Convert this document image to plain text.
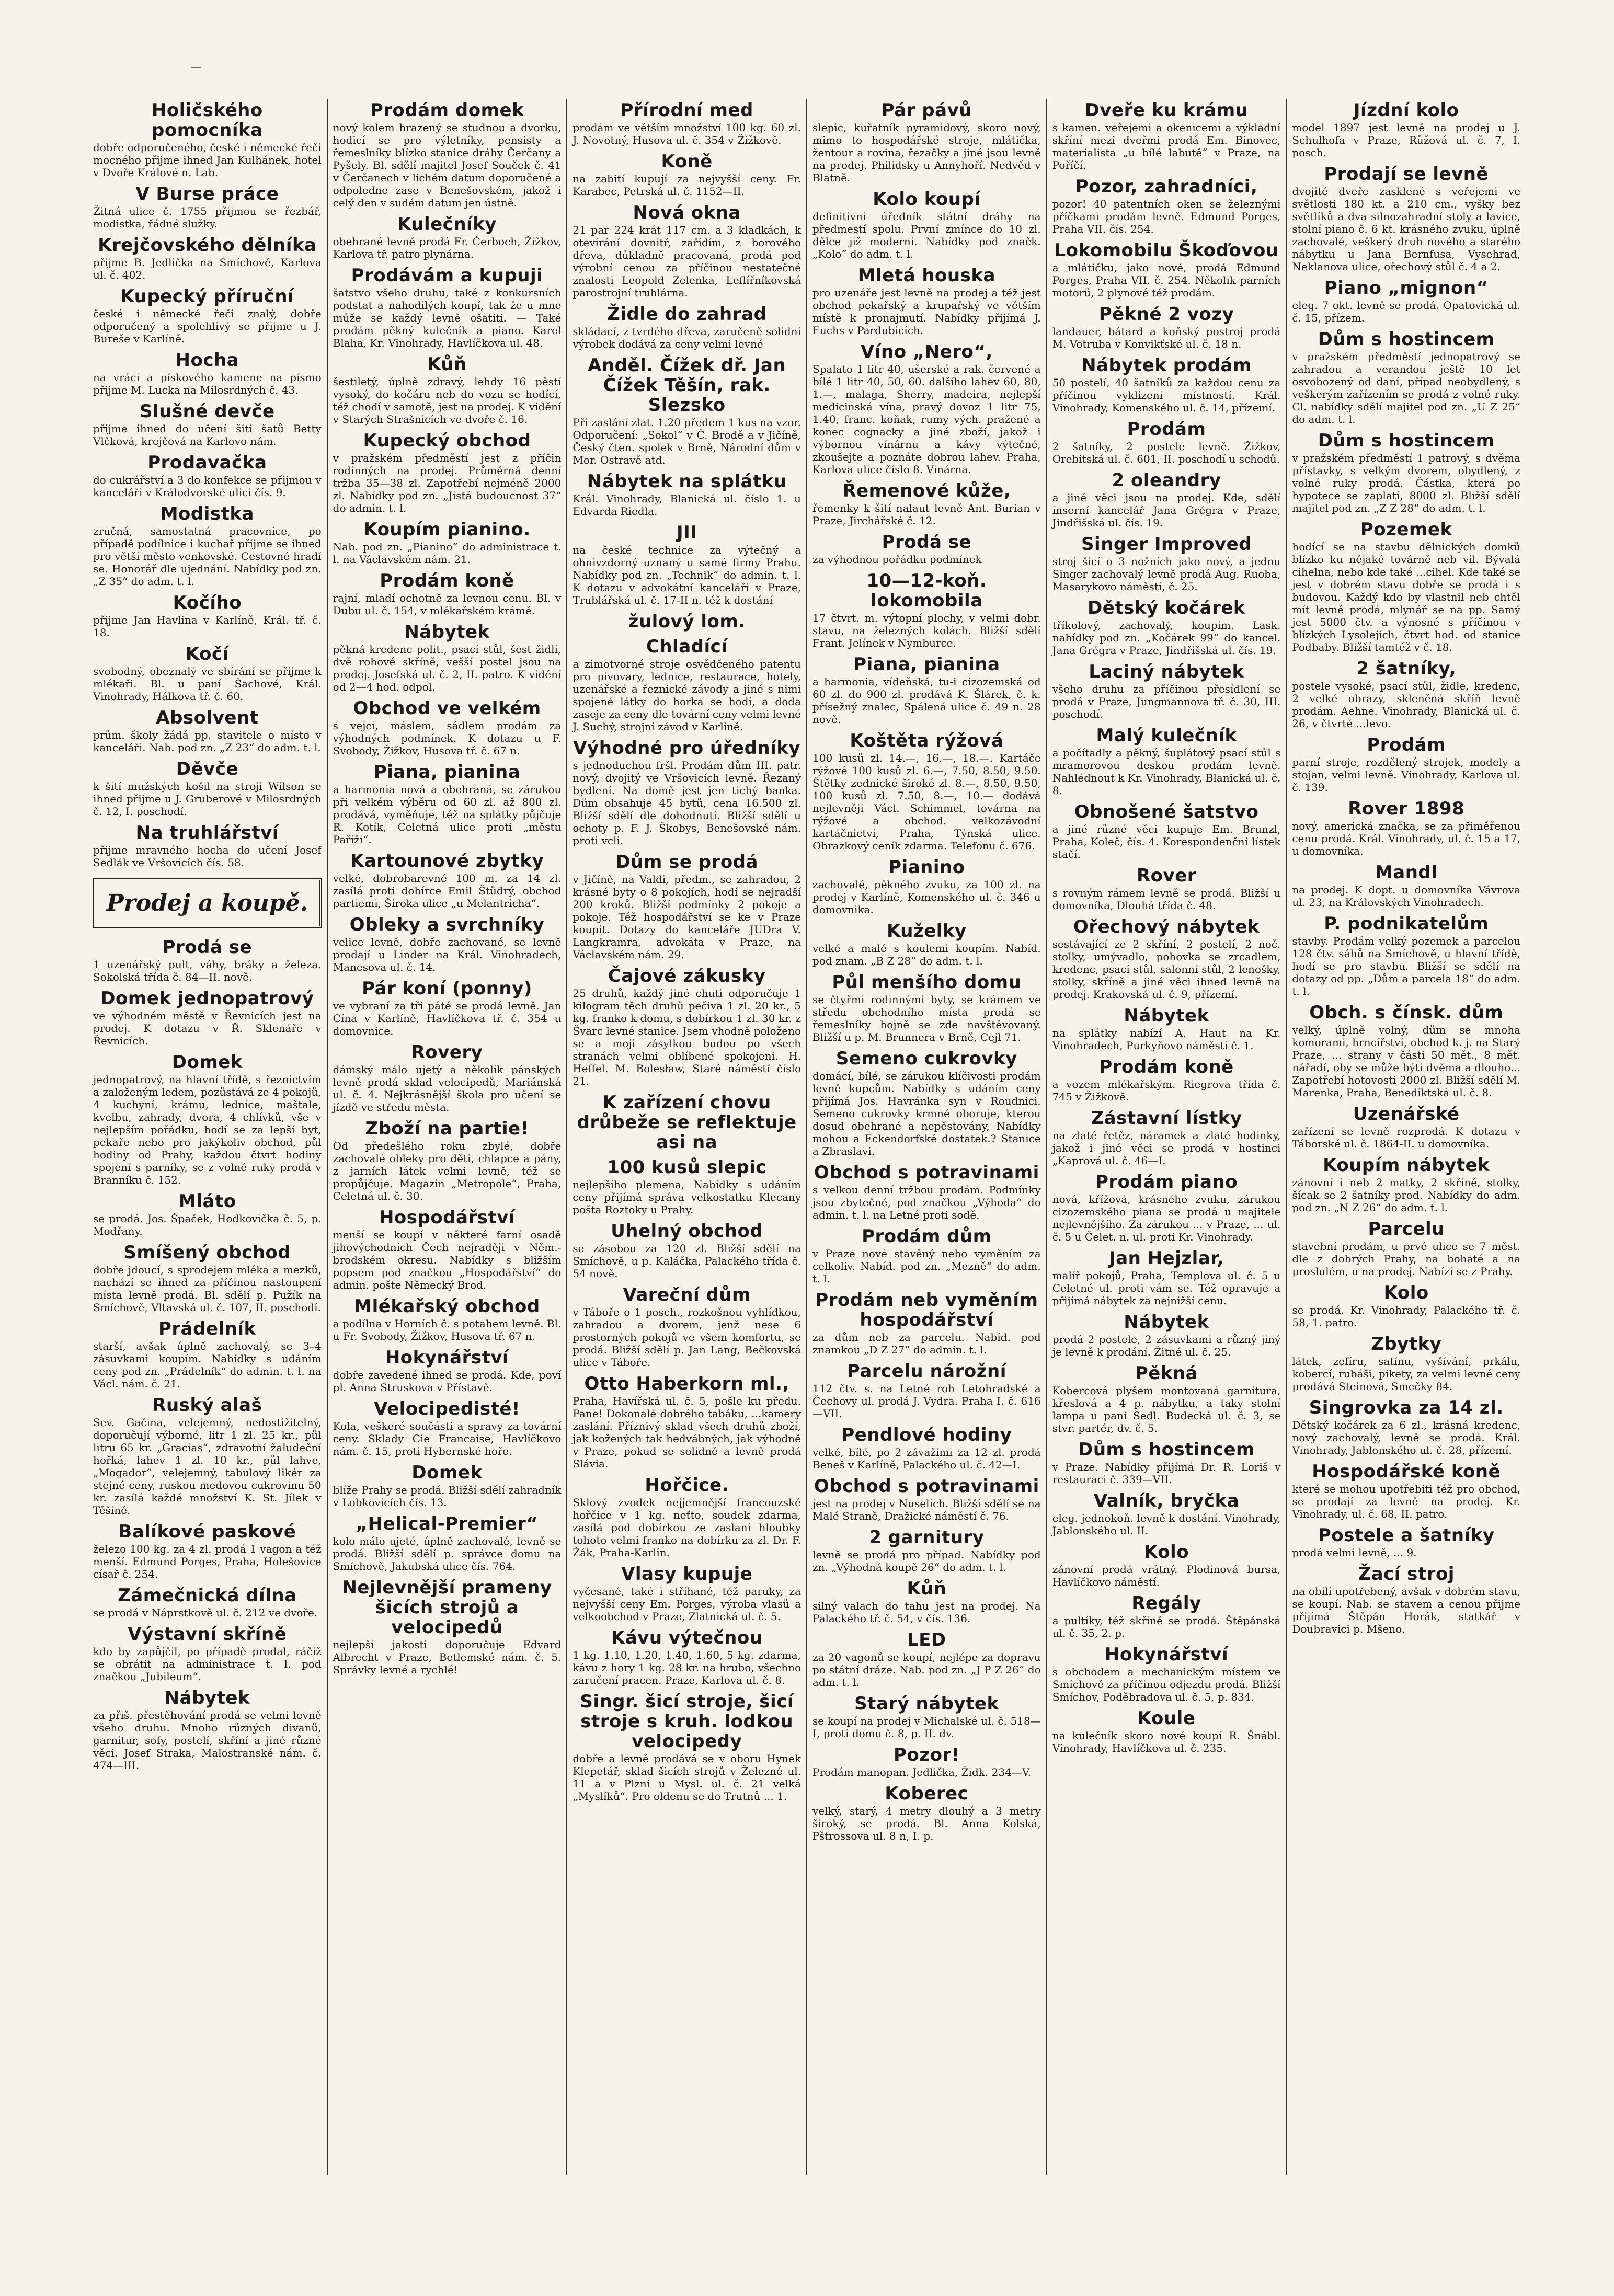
Holičského pomocníka

dobře odporučeného, české i německé řeči mocného přijme ihned Jan Kulhánek, hotel v Dvoře Králové n. Lab.

V Burse práce

Žitná ulice č. 1755 přijmou se řezbář, modistka, řádné služky.

Krejčovského dělníka

přijme B. Jedlička na Smíchově, Karlova ul. č. 402.

Kupecký příruční

české i německé řeči znalý, dobře odporučený a spolehlivý se přijme u J. Bureše v Karlíně.

Hocha

na vráci a pískového kamene na písmo přijme M. Lucka na Milosrdných č. 43.

Slušné devče

přijme ihned do učení šití šatů Betty Vlčková, krejčová na Karlovo nám.

Prodavačka

do cukrářství a 3 do konfekce se přijmou v kanceláři v Králodvorské ulici čís. 9.

Modistka

zručná, samostatná pracovnice, po případě podílnice i kuchař přijme se ihned pro větší město venkovské. Cestovné hradí se. Honorář dle ujednání. Nabídky pod zn. „Z 35“ do adm. t. l.

Kočího

přijme Jan Havlina v Karlíně, Král. tř. č. 18.

Kočí

svobodný, obeznalý ve sbírání se přijme k mlékaři. Bl. u paní Šachové, Král. Vinohrady, Hálkova tř. č. 60.

Absolvent

prům. školy žádá pp. stavitele o místo v kanceláři. Nab. pod zn. „Z 23“ do adm. t. l.

Děvče

k šití mužských košil na stroji Wilson se ihned přijme u J. Gruberové v Milosrdných č. 12, I. poschodí.

Na truhlářství

přijme mravného hocha do učení Josef Sedlák ve Vršovicích čís. 58.

Prodej a koupě.
Prodá se

1 uzenářský pult, váhy, bráky a železa. Sokolská třída č. 84—II. nově.

Domek jednopatrový

ve výhodném městě v Řevnicích jest na prodej. K dotazu v Ř. Sklenáře v Řevnicích.

Domek

jednopatrový, na hlavní třídě, s řeznictvím a založeným ledem, pozůstává ze 4 pokojů, 4 kuchyní, krámu, lednice, maštale, kvelbu, zahrady, dvora, 4 chlívků, vše v nejlepším pořádku, hodí se za lepší byt, pekaře nebo pro jakýkoliv obchod, půl hodiny od Prahy, každou čtvrt hodiny spojení s parníky, se z volné ruky prodá v Branníku č. 152.

Mláto

se prodá. Jos. Špaček, Hodkovička č. 5, p. Modřany.

Smíšený obchod

dobře jdoucí, s sprodejem mléka a mezků, nachází se ihned za příčinou nastoupení místa levně prodá. Bl. sdělí p. Pužík na Smíchově, Vltavská ul. č. 107, II. poschodí.

Prádelník

starší, avšak úplně zachovalý, se 3–4 zásuvkami koupím. Nabídky s udáním ceny pod zn. „Prádelník“ do admin. t. l. na Václ. nám. č. 21.

Ruský alaš

Sev. Gačina, velejemný, nedostižitelný, doporučují výborné, litr 1 zl. 25 kr., půl litru 65 kr. „Gracias“, zdravotní žaludeční hořká, lahev 1 zl. 10 kr., půl lahve, „Mogador“, velejemný, tabulový likér za stejné ceny, ruskou medovou cukrovinu 50 kr. zasílá každé množství K. St. Jílek v Těšíně.

Balíkové paskové

železo 100 kg. za 4 zl. prodá 1 vagon a též menší. Edmund Porges, Praha, Holešovice císař č. 254.

Zámečnická dílna

se prodá v Náprstkově ul. č. 212 ve dvoře.

Výstavní skříně

kdo by zapůjčil, po případě prodal, ráčiž se obrátit na administrace t. l. pod značkou „Jubileum“.

Nábytek

za přiš. přestěhování prodá se velmi levně všeho druhu. Mnoho různých divanů, garnitur, sofy, postelí, skříní a jiné různé věci. Josef Straka, Malostranské nám. č. 474—III.

Prodám domek

nový kolem hrazený se studnou a dvorku, hodicí se pro výletníky, pensisty a řemeslníky blízko stanice dráhy Čerčany a Pyšely. Bl. sdělí majitel Josef Souček č. 41 v Čerčanech v lichém datum doporučené a odpoledne zase v Benešovském, jakož i celý den v sudém datum jen ústně.

Kulečníky

obehrané levně prodá Fr. Čerboch, Žižkov, Karlova tř. patro plynárna.

Prodávám a kupuji

šatstvo všeho druhu, také z konkursních podstat a nahodilých koupí, tak že u mne může se každý levně ošatiti. — Také prodám pěkný kulečník a piano. Karel Blaha, Kr. Vinohrady, Havlíčkova ul. 48.

Kůň

šestiletý, úplně zdravý, lehdy 16 pěstí vysoký, do kočáru neb do vozu se hodící, též chodí v samotě, jest na prodej. K vidění v Starých Strašnicích ve dvoře č. 16.

Kupecký obchod

v pražském předměstí jest z příčin rodinných na prodej. Průměrná denní tržba 35—38 zl. Zapotřebí nejméně 2000 zl. Nabídky pod zn. „Jistá budoucnost 37“ do admin. t. l.

Koupím pianino.

Nab. pod zn. „Pianino“ do administrace t. l. na Václavském nám. 21.

Prodám koně

rajní, mladí ochotně za levnou cenu. Bl. v Dubu ul. č. 154, v mlékařském krámě.

Nábytek

pěkná kredenc polit., psací stůl, šest židlí, dvě rohové skříně, vešší postel jsou na prodej. Josefská ul. č. 2, II. patro. K vidění od 2—4 hod. odpol.

Obchod ve velkém

s vejci, máslem, sádlem prodám za výhodných podmínek. K dotazu u F. Svobody, Žižkov, Husova tř. č. 67 n.

Piana, pianina

a harmonia nová a obehraná, se zárukou při velkém výběru od 60 zl. až 800 zl. prodává, vyměňuje, též na splátky půjčuje R. Kotík, Celetná ulice proti „městu Paříži“.

Kartounové zbytky

velké, dobrobarevné 100 m. za 14 zl. zasílá proti dobírce Emil Štůdrý, obchod partiemi, Široka ulice „u Melantricha“.

Obleky a svrchníky

velice levně, dobře zachované, se levně prodají u Linder na Král. Vinohradech, Manesova ul. č. 14.

Pár koní (ponny)

ve vybraní za tři páté se prodá levně. Jan Cína v Karlíně, Havlíčkova tř. č. 354 u domovnice.

Rovery

dámský málo ujetý a několik pánských levně prodá sklad velocipedů, Mariánská ul. č. 4. Nejkrásnější škola pro učení se jízdě ve středu města.

Zboží na partie!

Od předešlého roku zbylé, dobře zachovalé obleky pro děti, chlapce a pány, z jarních látek velmi levně, též se propůjčuje. Magazin „Metropole“, Praha, Celetná ul. č. 30.

Hospodářství

menší se koupí v některé farní osadě jihovýchodních Čech nejraději v Něm.-brodském okresu. Nabídky s bližším popsem pod značkou „Hospodářství“ do admin. pošte Německý Brod.

Mlékařský obchod

a podílna v Horních č. s potahem levně. Bl. u Fr. Svobody, Žižkov, Husova tř. 67 n.

Hokynářství

dobře zavedené ihned se prodá. Kde, poví pl. Anna Struskova v Přístavě.

Velocipedisté!

Kola, veškeré součásti a spravy za tovární ceny. Sklady Cie Francaise, Havlíčkovo nám. č. 15, proti Hybernské hoře.

Domek

blíže Prahy se prodá. Bližší sdělí zahradník v Lobkovicích čís. 13.

„Helical-Premier“

kolo málo ujeté, úplně zachovalé, levně se prodá. Bližší sdělí p. správce domu na Smíchově, Jakubská ulice čís. 764.

Nejlevnější prameny šicích strojů a velocipedů

nejlepší jakosti doporučuje Edvard Albrecht v Praze, Betlemské nám. č. 5. Správky levné a rychlé!

Přírodní med

prodám ve větším množství 100 kg. 60 zl. J. Novotný, Husova ul. č. 354 v Žižkově.

Koně

na zabití kupují za nejvyšší ceny. Fr. Karabec, Petrská ul. č. 1152—II.

Nová okna

21 par 224 krát 117 cm. a 3 kladkách, k otevírání dovnitř, zařídím, z borového dřeva, důkladně pracovaná, prodá pod výrobní cenou za příčinou nestatečné znalosti Leopold Zelenka, Leflířníkovská parostrojní truhlárna.

Židle do zahrad

skládací, z tvrdého dřeva, zaručeně solidní výrobek dodává za ceny velmi levné

Anděl. Čížek dř. Jan Čížek Těšín, rak. Slezsko

Při zaslání zlat. 1.20 předem 1 kus na vzor. Odporučení: „Sokol“ v Č. Brodě a v Jičíně, Český čten. spolek v Brně, Národní dům v Mor. Ostravě atd.

Nábytek na splátku

Král. Vinohrady, Blanická ul. číslo 1. u Edvarda Riedla.

JII

na české technice za výtečný a ohnivzdorný uznaný u samé firmy Prahu. Nabídky pod zn. „Technik“ do admin. t. l. K dotazu v advokátní kanceláři v Praze, Trublářská ul. č. 17-II n. též k dostání

žulový lom.

Chladící

a zimotvorné stroje osvědčeného patentu pro pivovary, lednice, restaurace, hotely, uzenářské a řeznické závody a jiné s nimi spojené látky do horka se hodí, a doda zaseje za ceny dle tovární ceny velmi levné J. Suchý, strojní závod v Karlíně.

Výhodné pro úředníky

s jednoduchou fršl. Prodám dům III. patr. nový, dvojitý ve Vršovicích levně. Řezaný bydlení. Na domě jest jen tichý banka. Dům obsahuje 45 bytů, cena 16.500 zl. Bližší sdělí dle dohodnutí. Bližší sdělí u ochoty p. F. J. Škobys, Benešovské nám. proti vcli.

Dům se prodá

v Jičíně, na Valdi, předm., se zahradou, 2 krásné byty o 8 pokojích, hodí se nejradší 200 kroků. Bližší podmínky 2 pokoje a pokoje. Též hospodářství se ke v Praze koupit. Dotazy do kanceláře JUDra V. Langkramra, advokáta v Praze, na Václavském nám. 29.

Čajové zákusky

25 druhů, každý jiné chuti odporučuje 1 kilogram těch druhů pečiva 1 zl. 20 kr., 5 kg. franko k domu, s dobírkou 1 zl. 30 kr. z Švarc levné stanice. Jsem vhodně položeno se a moji zásylkou budou po všech stranách velmi oblíbené spokojeni. H. Heffel. M. Bolesław, Staré náměstí číslo 21.

K zařízení chovu drůbeže se reflektuje asi na

100 kusů slepic

nejlepšího plemena, Nabídky s udáním ceny přijímá správa velkostatku Klecany pošta Roztoky u Prahy.

Uhelný obchod

se zásobou za 120 zl. Bližší sdělí na Smíchově, u p. Kaláčka, Palackého třída č. 54 nově.

Vareční dům

v Táboře o 1 posch., rozkošnou vyhlídkou, zahradou a dvorem, jenž nese 6 prostorných pokojů ve všem komfortu, se prodá. Bližší sdělí p. Jan Lang, Bečkovská ulice v Táboře.

Otto Haberkorn ml.,

Praha, Havířská ul. č. 5, pošle ku předu. Pane! Dokonalé dobrého tabáku, ...kamery zaslání. Příznivý sklad všech druhů zboží, jak kožených tak hedvábných, jak výhodně v Praze, pokud se solidně a levně prodá Slávia.

Hořčice.

Sklový zvodek nejjemnější francouzské hořčice v 1 kg. neťto, soudek zdarma, zasílá pod dobírkou ze zaslaní hloubky tohoto velmi franko na dobírku za zl. Dr. F. Žák, Praha-Karlín.

Vlasy kupuje

vyčesané, také i stříhané, též paruky, za nejvyšší ceny Em. Porges, výroba vlasů a velkoobchod v Praze, Zlatnická ul. č. 5.

Kávu výtečnou

1 kg. 1.10, 1.20, 1.40, 1.60, 5 kg. zdarma, kávu z hory 1 kg. 28 kr. na hrubo, všechno zaručení pracen. Praze, Karlova ul. č. 8.

Singr. šicí stroje, šicí stroje s kruh. lodkou velocipedy

dobře a levně prodává se v oboru Hynek Klepetář, sklad šicích strojů v Železné ul. 11 a v Plzni u Mysl. ul. č. 21 velká „Myslíků“. Pro oldenu se do Trutnů ... 1.

Pár pávů

slepic, kuřatník pyramidový, skoro nový, mimo to hospodářské stroje, mlátička, žentour a rovina, řezačky a jiné jsou levně na prodej. Philidsky u Annyhoří. Nedvěd v Blatně.

Kolo koupí

definitivní úředník státní dráhy na předmestí spolu. První zmínce do 10 zl. dělce již moderní. Nabídky pod značk. „Kolo“ do adm. t. l.

Mletá houska

pro uzenáře jest levně na prodej a též jest obchod pekařský a krupařský ve větším místě k pronajmutí. Nabídky přijímá J. Fuchs v Pardubicích.

Víno „Nero“,

Spalato 1 litr 40, ušerské a rak. červené a bílé 1 litr 40, 50, 60. dalšího lahev 60, 80, 1.—, malaga, Sherry, madeira, nejlepší medicinská vína, pravý dovoz 1 litr 75, 1.40, franc. koňak, rumy vých. pražené a konec cognacky a jiné zboží, jakož i výbornou vínárnu a kávy výtečné, zkoušejte a poznáte dobrou lahev. Praha, Karlova ulice číslo 8. Vinárna.

Řemenové kůže,

řemenky k šití nalaut levně Ant. Burian v Praze, Jirchářské č. 12.

Prodá se

za výhodnou pořádku podmínek

10—12-koň. lokomobila

17 čtvrt. m. výtopní plochy, v velmi dobr. stavu, na železných kolách. Bližší sdělí Frant. Jelínek v Nymburce.

Piana, pianina

a harmonia, vídeňská, tu-i cizozemská od 60 zl. do 900 zl. prodává K. Šlárek, č. k. přísežný znalec, Spálená ulice č. 49 n. 28 nově.

Koštěta rýžová

100 kusů zl. 14.—, 16.—, 18.—. Kartáče rýžové 100 kusů zl. 6.—, 7.50, 8.50, 9.50. Štětky zednické široké zl. 8.—, 8.50, 9.50, 100 kusů zl. 7.50, 8.—, 10.— dodává nejlevněji Václ. Schimmel, továrna na rýžové a obchod. velkozávodní kartáčnictví, Praha, Týnská ulice. Obrazkový ceník zdarma. Telefonu č. 676.

Pianino

zachovalé, pěkného zvuku, za 100 zl. na prodej v Karlíně, Komenského ul. č. 346 u domovnika.

Kuželky

velké a malé s koulemi koupím. Nabíd. pod znam. „B Z 28“ do adm. t. l.

Půl menšího domu

se čtyřmi rodinnými byty, se krámem ve středu obchodního místa prodá se řemeslníky hojně se zde navštěvovaný. Bližší u p. M. Brunnera v Brně, Cejl 71.

Semeno cukrovky

domácí, bílé, se zárukou klíčivosti prodám levně kupcům. Nabídky s udáním ceny přijímá Jos. Havránka syn v Roudnici. Semeno cukrovky krmné oboruje, kterou dosud obehrané a nepěstovány, Nabídky mohou a Eckendorfské dostatek.? Stanice a Zbraslavi.

Obchod s potravinami

s velkou denní tržbou prodám. Podmínky jsou zbytečné, pod značkou „Výhoda“ do admin. t. l. na Letné proti sodě.

Prodám dům

v Praze nové stavěný nebo vyměním za celkoliv. Nabíd. pod zn. „Mezně“ do adm. t. l.

Prodám neb vyměním hospodářství

za dům neb za parcelu. Nabíd. pod znamkou „D Z 27“ do admin. t. l.

Parcelu nárožní

112 čtv. s. na Letné roh Letohradské a Čechovy ul. prodá J. Vydra. Praha I. č. 616—VII.

Pendlové hodiny

velké, bílé, po 2 závažími za 12 zl. prodá Beneš v Karlíně, Palackého ul. č. 42—I.

Obchod s potravinami

jest na prodej v Nuselích. Bližší sdělí se na Malé Straně, Dražické náměstí č. 76.

2 garnitury

levně se prodá pro případ. Nabídky pod zn. „Výhodná koupě 26“ do adm. t. l.

Kůň

silný valach do tahu jest na prodej. Na Palackého tř. č. 54, v čís. 136.

LED

za 20 vagonů se koupí, nejlépe za dopravu po státní dráze. Nab. pod zn. „J P Z 26“ do adm. t. l.

Starý nábytek

se koupí na prodej v Michalské ul. č. 518—I, proti domu č. 8, p. II. dv.

Pozor!

Prodám manopan. Jedlička, Židk. 234—V.

Koberec

velký, starý, 4 metry dlouhý a 3 metry široký, se prodá. Bl. Anna Kolská, Pštrossova ul. 8 n, I. p.

Dveře ku krámu

s kamen. veřejemi a okenicemi a výkladní skříní mezi dveřmi prodá Em. Binovec, materialista „u bílé labutě“ v Praze, na Poříčí.

Pozor, zahradníci,

pozor! 40 patentních oken se železnými příčkami prodám levně. Edmund Porges, Praha VII. čís. 254.

Lokomobilu Škoďovou

a mlátičku, jako nové, prodá Edmund Porges, Praha VII. č. 254. Několik parních motorů, 2 plynové též prodám.

Pěkné 2 vozy

landauer, bátard a koňský postroj prodá M. Votruba v Konvikťské ul. č. 18 n.

Nábytek prodám

50 postelí, 40 šatníků za každou cenu za příčinou vyklizení místností. Král. Vinohrady, Komenského ul. č. 14, přízemí.

Prodám

2 šatníky, 2 postele levně. Žižkov, Orebitská ul. č. 601, II. poschodí u schodů.

2 oleandry

a jiné věci jsou na prodej. Kde, sdělí inserní kancelář Jana Grégra v Praze, Jindřišská ul. čís. 19.

Singer Improved

stroj šicí o 3 nožních jako nový, a jednu Singer zachovalý levně prodá Aug. Ruoba, Masarykovo náměstí, č. 25.

Dětský kočárek

tříkolový, zachovalý, koupím. Lask. nabídky pod zn. „Kočárek 99“ do kancel. Jana Grégra v Praze, Jindřišská ul. čís. 19.

Laciný nábytek

všeho druhu za příčinou přesídlení se prodá v Praze, Jungmannova tř. č. 30, III. poschodí.

Malý kulečník

a počítadly a pěkný, šuplátový psací stůl s mramorovou deskou prodám levně. Nahlédnout k Kr. Vinohrady, Blanická ul. č. 8.

Obnošené šatstvo

a jiné různé věci kupuje Em. Brunzl, Praha, Koleč, čís. 4. Korespondenční lístek stačí.

Rover

s rovným rámem levně se prodá. Bližší u domovníka, Dlouhá třída č. 48.

Ořechový nábytek

sestávající ze 2 skříní, 2 postelí, 2 noč. stolky, umývadlo, pohovka se zrcadlem, kredenc, psací stůl, salonní stůl, 2 lenošky, stolky, skříně a jiné věci ihned levně na prodej. Krakovská ul. č. 9, přízemí.

Nábytek

na splátky nabízí A. Haut na Kr. Vinohradech, Purkyňovo náměstí č. 1.

Prodám koně

a vozem mlékařským. Riegrova třída č. 745 v Žižkově.

Zástavní lístky

na zlaté řetěz, náramek a zlaté hodinky, jakož i jiné věci se prodá v hostinci „Kaprová ul. č. 46—I.

Prodám piano

nová, křížová, krásného zvuku, zárukou cizozemského piana se prodá u majitele nejlevnějšího. Za zárukou ... v Praze, ... ul. č. 5 u Čelet. n. ul. proti Kr. Vinohrady.

Jan Hejzlar,

malíř pokojů, Praha, Templova ul. č. 5 u Celetné ul. proti vám se. Též opravuje a přijímá nábytek za nejnižší cenu.

Nábytek

prodá 2 postele, 2 zásuvkami a různý jiný je levně k prodání. Žitné ul. č. 25.

Pěkná

Kobercová plyšem montovaná garnitura, křeslová a 4 p. nábytku, a taky stolní lampa u paní Sedl. Budecká ul. č. 3, se stvr. partér, dv. č. 5.

Dům s hostincem

v Praze. Nabídky přijímá Dr. R. Loriš v restauraci č. 339—VII.

Valník, bryčka

eleg. jednokoň. levně k dostání. Vinohrady, Jablonského ul. II.

Kolo

zánovní prodá vrátný. Plodinová bursa, Havlíčkovo náměstí.

Regály

a pultíky, též skříně se prodá. Štěpánská ul. č. 35, 2. p.

Hokynářství

s obchodem a mechanickým místem ve Smíchově za příčinou odjezdu prodá. Bližší Smíchov, Poděbradova ul. č. 5, p. 834.

Koule

na kulečník skoro nové koupí R. Šnábl. Vinohrady, Havlíčkova ul. č. 235.

Jízdní kolo

model 1897 jest levně na prodej u J. Schulhofa v Praze, Růžová ul. č. 7, I. posch.

Prodají se levně

dvojité dveře zasklené s veřejemi ve světlosti 180 kt. a 210 cm., vyšky bez světlíků a dva silnozahradní stoly a lavice, stolní piano č. 6 kt. krásného zvuku, úplně zachovalé, veškerý druh nového a starého nábytku u Jana Bernfusa, Vysehrad, Neklanova ulice, ořechový stůl č. 4 a 2.

Piano „mignon“

eleg. 7 okt. levně se prodá. Opatovická ul. č. 15, přízem.

Dům s hostincem

v pražském předměstí jednopatrový se zahradou a verandou ještě 10 let osvobozený od daní, případ neobydlený, s veškerým zařízením se prodá z volné ruky. Cl. nabídky sdělí majitel pod zn. „U Z 25“ do adm. t. l.

Dům s hostincem

v pražském předměstí 1 patrový, s dvěma přístavky, s velkým dvorem, obydlený, z volné ruky prodá. Částka, která po hypotece se zaplatí, 8000 zl. Bližší sdělí majitel pod zn. „Z Z 28“ do adm. t. l.

Pozemek

hodící se na stavbu dělnických domků blízko ku nějaké továrně neb vil. Bývalá cihelna, nebo kde také ...cihel. Kde také se jest v dobrém stavu dobře se prodá i s budovou. Každý kdo by vlastnil neb chtěl mít levně prodá, mlynář se na pp. Samý jest 5000 čtv. a výnosné s příčinou v blízkých Lysolejích, čtvrt hod. od stanice Podbaby. Bližší tamtéž v č. 18.

2 šatníky,

postele vysoké, psací stůl, židle, kredenc, 2 velké obrazy, skleněná skříň levně prodám. Aehne. Vinohrady, Blanická ul. č. 26, v čtvrté ...levo.

Prodám

parní stroje, rozdělený strojek, modely a stojan, velmi levně. Vinohrady, Karlova ul. č. 139.

Rover 1898

nový, americká značka, se za přiměřenou cenu prodá. Král. Vinohrady, ul. č. 15 a 17, u domovníka.

Mandl

na prodej. K dopt. u domovníka Vávrova ul. 23, na Královských Vinohradech.

P. podnikatelům

stavby. Prodám velký pozemek a parcelou 128 čtv. sáhů na Smíchově, u hlavní třídě, hodí se pro stavbu. Bližší se sdělí na dotazy od pp. „Dům a parcela 18“ do adm. t. l.

Obch. s čínsk. dům

velký, úplně volný, dům se mnoha komorami, hrncířství, obchod k. j. na Starý Praze, ... strany v části 50 mět., 8 mět. nářadí, oby se může býti dvěma a dlouho... Zapotřebí hotovosti 2000 zl. Bližší sdělí M. Marenka, Praha, Benediktská ul. č. 8.

Uzenářské

zařízení se levně rozprodá. K dotazu v Táborské ul. č. 1864-II. u domovníka.

Koupím nábytek

zánovní i neb 2 matky, 2 skříně, stolky, šícak se 2 šatníky prod. Nabídky do adm. pod zn. „N Z 26“ do adm. t. l.

Parcelu

stavební prodám, u prvé ulice se 7 měst. dle z dobrých Prahy, na bohaté a na proslulém, u na prodej. Nabízí se z Prahy.

Kolo

se prodá. Kr. Vinohrady, Palackého tř. č. 58, 1. patro.

Zbytky

látek, zefíru, satínu, vyšívání, prkálu, kobercí, rubáši, pikety, za velmi levné ceny prodává Steinová, Smečky 84.

Singrovka za 14 zl.

Dětský kočárek za 6 zl., krásná kredenc, nový zachovalý, levně se prodá. Král. Vinohrady, Jablonského ul. č. 28, přízemí.

Hospodářské koně

které se mohou upotřebiti též pro obchod, se prodají za levně na prodej. Kr. Vinohrady, ul. č. 68, II. patro.

Postele a šatníky

prodá velmi levně, ... 9.

Žací stroj

na obilí upotřebený, avšak v dobrém stavu, se koupí. Nab. se stavem a cenou přijme přijímá Štěpán Horák, statkář v Doubravici p. Mšeno.
